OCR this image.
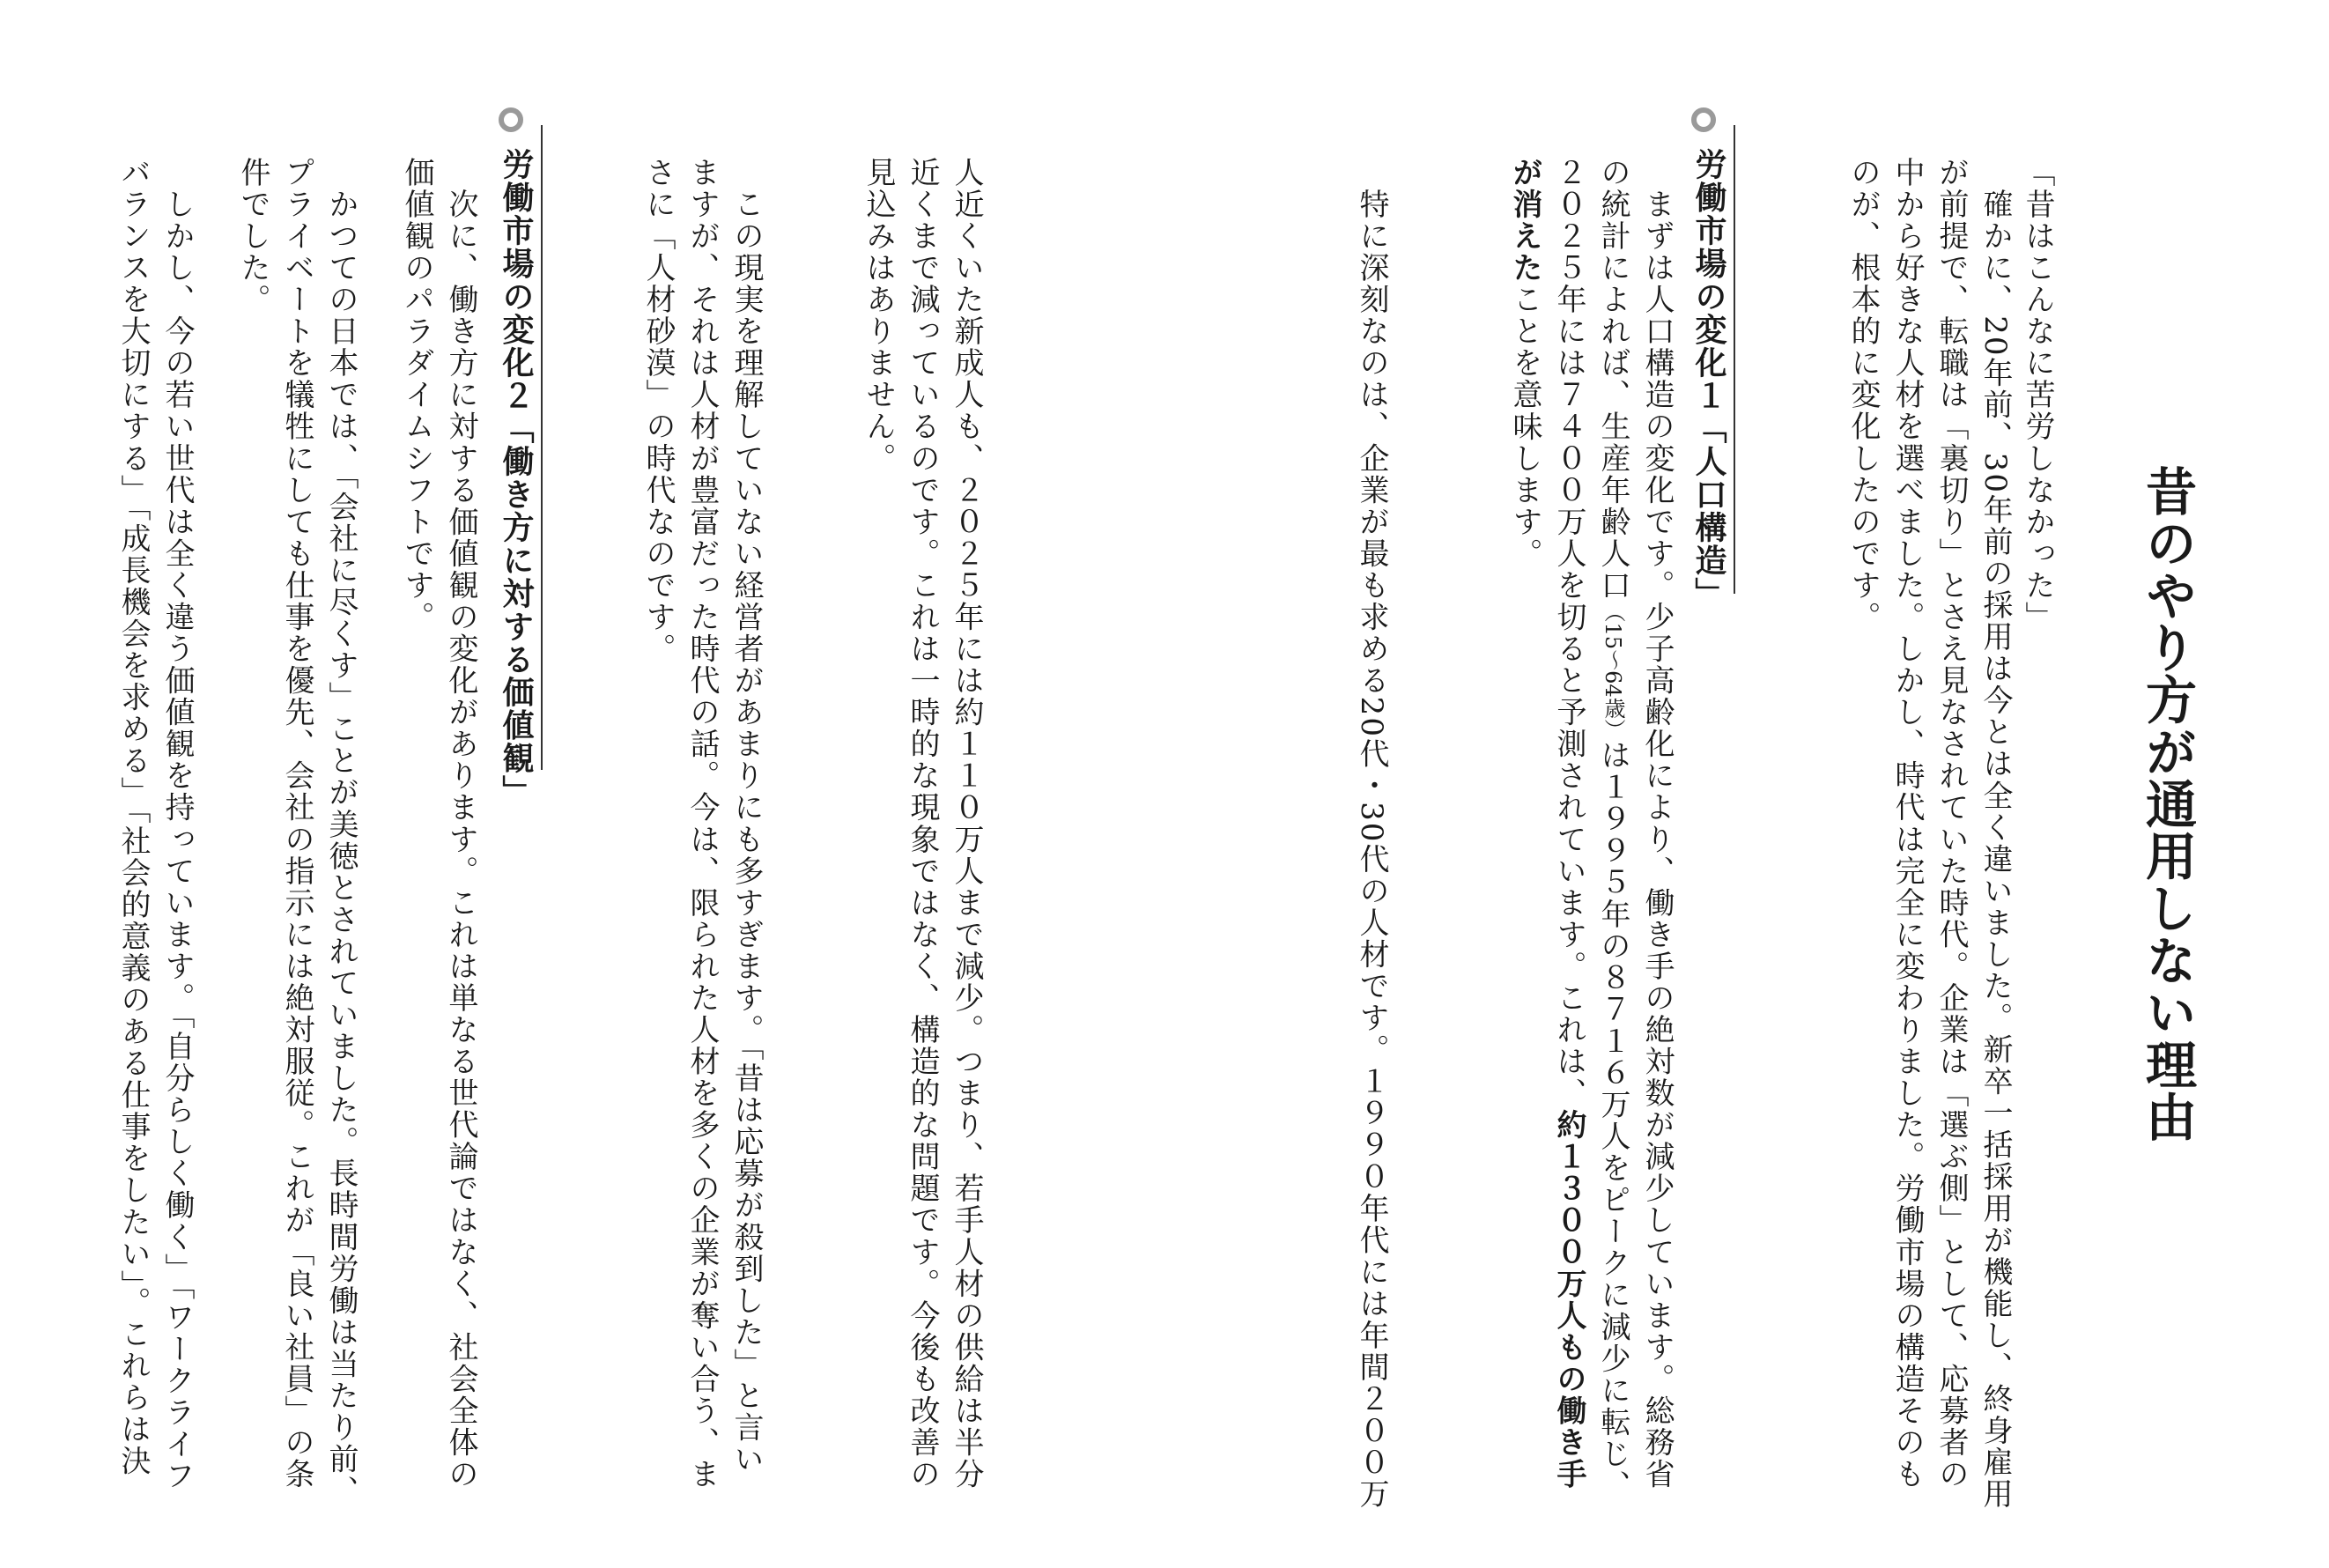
昔のやり方が通用しない理由
「昔はこんなに苦労しなかった」
　確かに、20年前、30年前の採用は今とは全く違いました。新卒一括採用が機能し、終身雇用
が前提で、転職は「裏切り」とさえ見なされていた時代。企業は「選ぶ側」として、応募者の
中から好きな人材を選べました。しかし、時代は完全に変わりました。労働市場の構造そのも
のが、根本的に変化したのです。
労働市場の変化１「人口構造」
　まずは人口構造の変化です。少子高齢化により、働き手の絶対数が減少しています。総務省
の統計によれば、生産年齢人口（15〜64歳）は１９９５年の８７１６万人をピークに減少に転じ、
２０２５年には７４００万人を切ると予測されています。これは、約１３００万人もの働き手
が消えたことを意味します。
　特に深刻なのは、企業が最も求める20代・30代の人材です。１９９０年代には年間２００万
人近くいた新成人も、２０２５年には約１１０万人まで減少。つまり、若手人材の供給は半分
近くまで減っているのです。これは一時的な現象ではなく、構造的な問題です。今後も改善の
見込みはありません。
　この現実を理解していない経営者があまりにも多すぎます。「昔は応募が殺到した」と言い
ますが、それは人材が豊富だった時代の話。今は、限られた人材を多くの企業が奪い合う、ま
さに「人材砂漠」の時代なのです。
労働市場の変化２「働き方に対する価値観」
　次に、働き方に対する価値観の変化があります。これは単なる世代論ではなく、社会全体の
価値観のパラダイムシフトです。
　かつての日本では、「会社に尽くす」ことが美徳とされていました。長時間労働は当たり前、
プライベートを犠牲にしても仕事を優先、会社の指示には絶対服従。これが「良い社員」の条
件でした。
　しかし、今の若い世代は全く違う価値観を持っています。「自分らしく働く」「ワークライフ
バランスを大切にする」「成長機会を求める」「社会的意義のある仕事をしたい」。これらは決
